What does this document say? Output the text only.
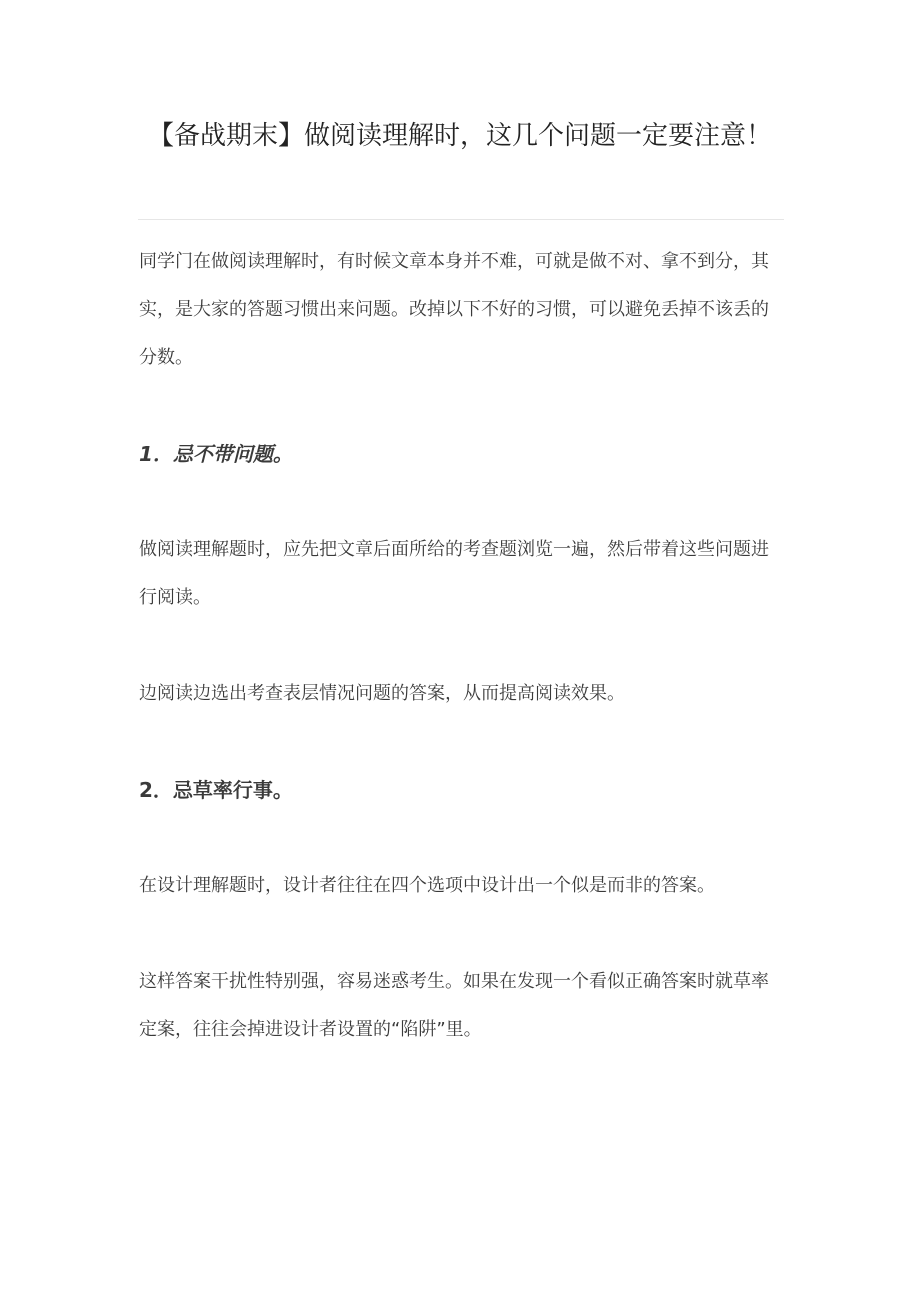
【备战期末】做阅读理解时，这几个问题一定要注意！

同学门在做阅读理解时，有时候文章本身并不难，可就是做不对、拿不到分，其实，是大家的答题习惯出来问题。改掉以下不好的习惯，可以避免丢掉不该丢的分数。

1．忌不带问题。

做阅读理解题时，应先把文章后面所给的考查题浏览一遍，然后带着这些问题进行阅读。

边阅读边选出考查表层情况问题的答案，从而提高阅读效果。

2．忌草率行事。

在设计理解题时，设计者往往在四个选项中设计出一个似是而非的答案。

这样答案干扰性特别强，容易迷惑考生。如果在发现一个看似正确答案时就草率定案，往往会掉进设计者设置的“陷阱”里。
